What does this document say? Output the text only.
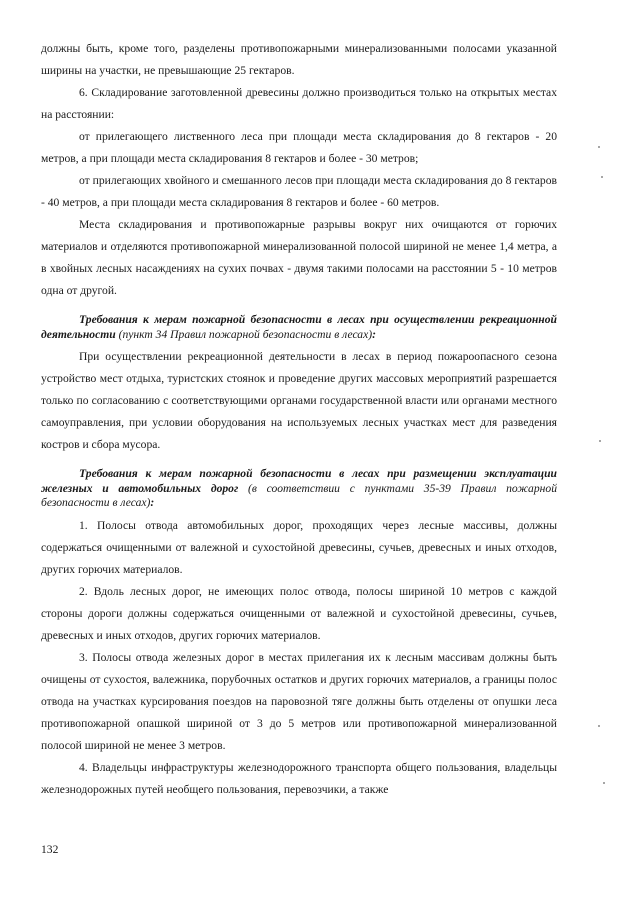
должны быть, кроме того, разделены противопожарными минерализованными полосами указанной ширины на участки, не превышающие 25 гектаров.

6. Складирование заготовленной древесины должно производиться только на открытых местах на расстоянии:

от прилегающего лиственного леса при площади места складирования до 8 гектаров - 20 метров, а при площади места складирования 8 гектаров и более - 30 метров;

от прилегающих хвойного и смешанного лесов при площади места складирования до 8 гектаров - 40 метров, а при площади места складирования 8 гектаров и более - 60 метров.

Места складирования и противопожарные разрывы вокруг них очищаются от горючих материалов и отделяются противопожарной минерализованной полосой шириной не менее 1,4 метра, а в хвойных лесных насаждениях на сухих почвах - двумя такими полосами на расстоянии 5 - 10 метров одна от другой.

Требования к мерам пожарной безопасности в лесах при осуществлении рекреационной деятельности (пункт 34 Правил пожарной безопасности в лесах):

При осуществлении рекреационной деятельности в лесах в период пожароопасного сезона устройство мест отдыха, туристских стоянок и проведение других массовых мероприятий разрешается только по согласованию с соответствующими органами государственной власти или органами местного самоуправления, при условии оборудования на используемых лесных участках мест для разведения костров и сбора мусора.

Требования к мерам пожарной безопасности в лесах при размещении эксплуатации железных и автомобильных дорог (в соответствии с пунктами 35-39 Правил пожарной безопасности в лесах):

1. Полосы отвода автомобильных дорог, проходящих через лесные массивы, должны содержаться очищенными от валежной и сухостойной древесины, сучьев, древесных и иных отходов, других горючих материалов.

2. Вдоль лесных дорог, не имеющих полос отвода, полосы шириной 10 метров с каждой стороны дороги должны содержаться очищенными от валежной и сухостойной древесины, сучьев, древесных и иных отходов, других горючих материалов.

3. Полосы отвода железных дорог в местах прилегания их к лесным массивам должны быть очищены от сухостоя, валежника, порубочных остатков и других горючих материалов, а границы полос отвода на участках курсирования поездов на паровозной тяге должны быть отделены от опушки леса противопожарной опашкой шириной от 3 до 5 метров или противопожарной минерализованной полосой шириной не менее 3 метров.

4. Владельцы инфраструктуры железнодорожного транспорта общего пользования, владельцы железнодорожных путей необщего пользования, перевозчики, а также

132
